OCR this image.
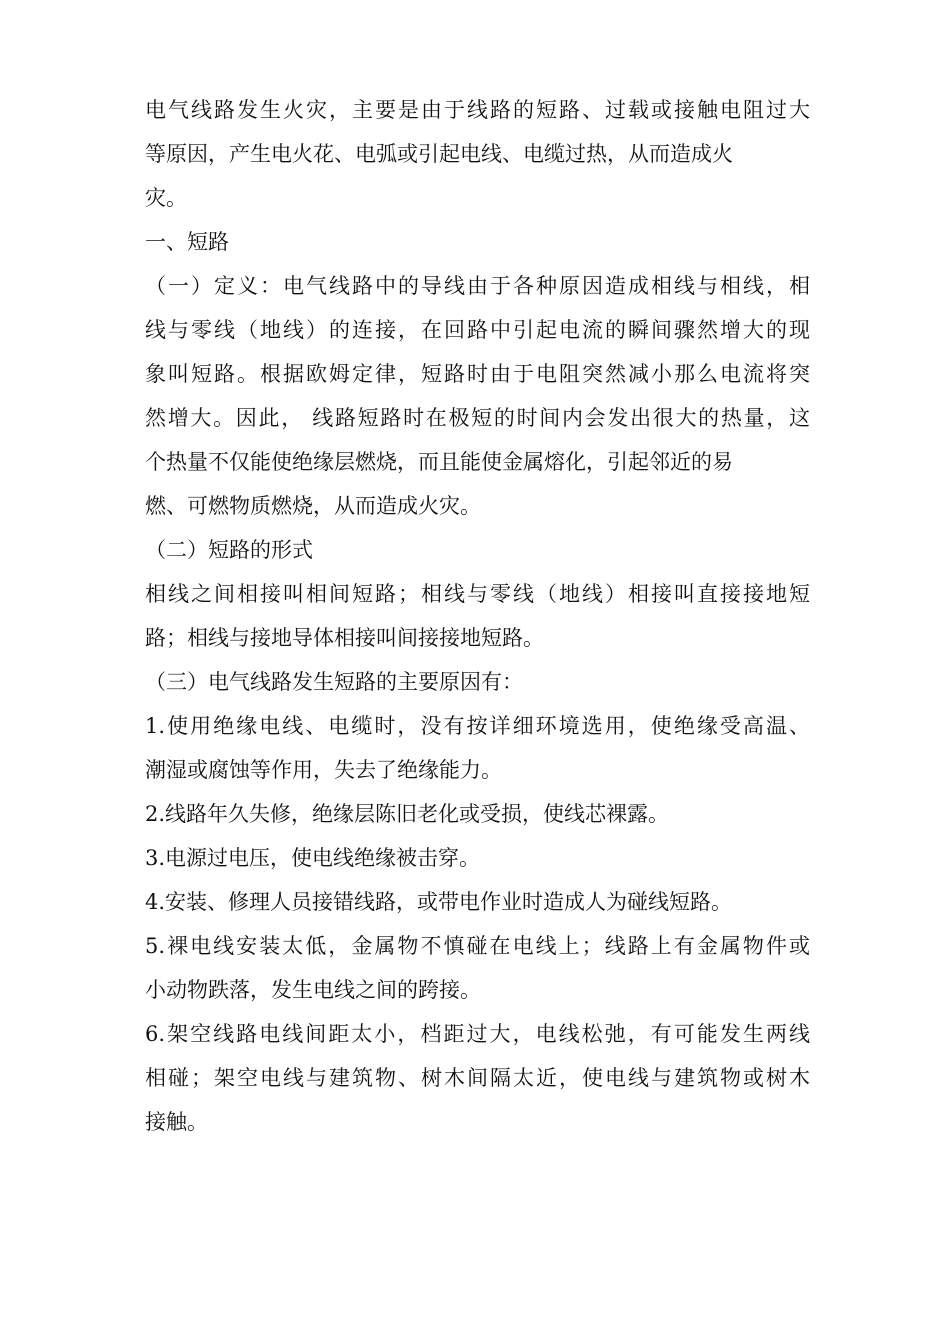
电气线路发生火灾，主要是由于线路的短路、过载或接触电阻过大
等原因，产生电火花、电弧或引起电线、电缆过热，从而造成火
灾。
一、短路
（一）定义：电气线路中的导线由于各种原因造成相线与相线，相
线与零线（地线）的连接，在回路中引起电流的瞬间骤然增大的现
象叫短路。根据欧姆定律，短路时由于电阻突然减小那么电流将突
然增大。因此， 线路短路时在极短的时间内会发出很大的热量，这
个热量不仅能使绝缘层燃烧，而且能使金属熔化，引起邻近的易
燃、可燃物质燃烧，从而造成火灾。
（二）短路的形式
相线之间相接叫相间短路；相线与零线（地线）相接叫直接接地短
路；相线与接地导体相接叫间接接地短路。
（三）电气线路发生短路的主要原因有：
1.使用绝缘电线、电缆时，没有按详细环境选用，使绝缘受高温、
潮湿或腐蚀等作用，失去了绝缘能力。
2.线路年久失修，绝缘层陈旧老化或受损，使线芯裸露。
3.电源过电压，使电线绝缘被击穿。
4.安装、修理人员接错线路，或带电作业时造成人为碰线短路。
5.裸电线安装太低，金属物不慎碰在电线上；线路上有金属物件或
小动物跌落，发生电线之间的跨接。
6.架空线路电线间距太小，档距过大，电线松弛，有可能发生两线
相碰；架空电线与建筑物、树木间隔太近，使电线与建筑物或树木
接触。
